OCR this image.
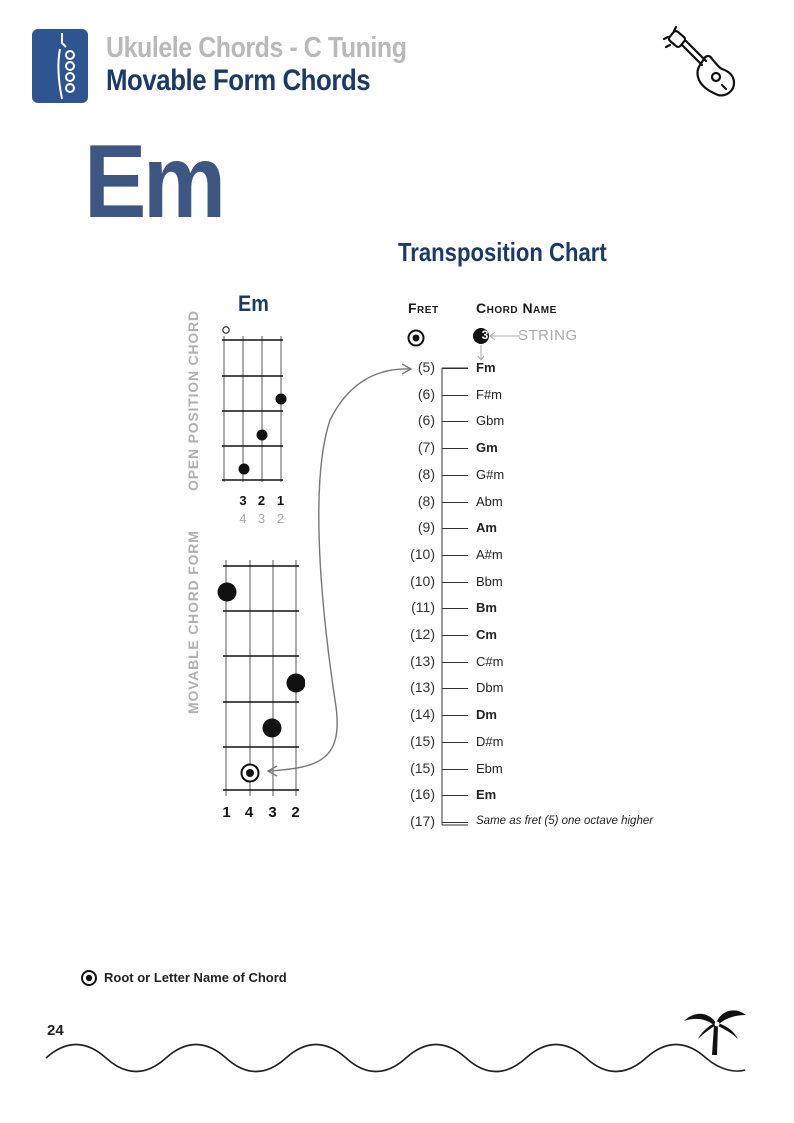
Ukulele Chords - C Tuning
Movable Form Chords
Em
Transposition Chart
Em
OPEN POSITION CHORD
MOVABLE CHORD FORM
3 2 1
4 3 2
1 4 3 2
Fret	Chord Name
3	STRING
(5)	Fm
(6)	F#m
(6)	Gbm
(7)	Gm
(8)	G#m
(8)	Abm
(9)	Am
(10)	A#m
(10)	Bbm
(11)	Bm
(12)	Cm
(13)	C#m
(13)	Dbm
(14)	Dm
(15)	D#m
(15)	Ebm
(16)	Em
(17)	Same as fret (5) one octave higher
Root or Letter Name of Chord
24
